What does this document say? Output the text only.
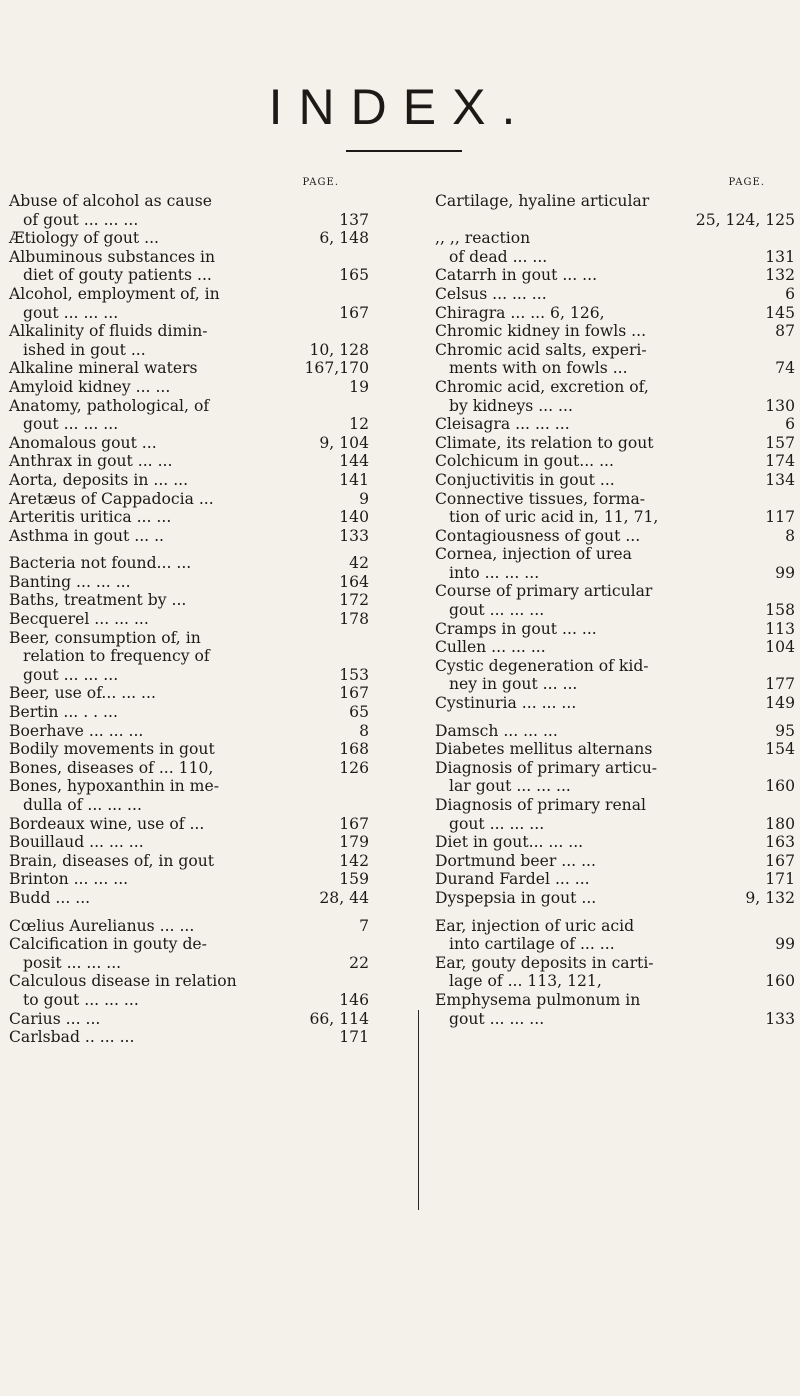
INDEX.
PAGE.
Abuse of alcohol as cause
of gout ... ... ...	137
Ætiology of gout ...	6, 148
Albuminous substances in
diet of gouty patients ...	165
Alcohol, employment of, in
gout ... ... ...	167
Alkalinity of fluids dimin-
ished in gout ...	10, 128
Alkaline mineral waters	167,170
Amyloid kidney ... ...	19
Anatomy, pathological, of
gout ... ... ...	12
Anomalous gout ...	9, 104
Anthrax in gout ... ...	144
Aorta, deposits in ... ...	141
Aretæus of Cappadocia ...	9
Arteritis uritica ... ...	140
Asthma in gout ... ..	133
Bacteria not found... ...	42
Banting ... ... ...	164
Baths, treatment by ...	172
Becquerel ... ... ...	178
Beer, consumption of, in
relation to frequency of
gout ... ... ...	153
Beer, use of... ... ...	167
Bertin ... . . ...	65
Boerhave ... ... ...	8
Bodily movements in gout	168
Bones, diseases of ... 110,	126
Bones, hypoxanthin in me-
dulla of ... ... ...
Bordeaux wine, use of ...	167
Bouillaud ... ... ...	179
Brain, diseases of, in gout	142
Brinton ... ... ...	159
Budd ... ...	28, 44
Cœlius Aurelianus ... ...	7
Calcification in gouty de-
posit ... ... ...	22
Calculous disease in relation
to gout ... ... ...	146
Carius ... ...	66, 114
Carlsbad .. ... ...	171
PAGE.
Cartilage, hyaline articular
25, 124, 125
,, ,, reaction
of dead ... ...	131
Catarrh in gout ... ...	132
Celsus ... ... ...	6
Chiragra ... ... 6, 126,	145
Chromic kidney in fowls ...	87
Chromic acid salts, experi-
ments with on fowls ...	74
Chromic acid, excretion of,
by kidneys ... ...	130
Cleisagra ... ... ...	6
Climate, its relation to gout	157
Colchicum in gout... ...	174
Conjuctivitis in gout ...	134
Connective tissues, forma-
tion of uric acid in, 11, 71,	117
Contagiousness of gout ...	8
Cornea, injection of urea
into ... ... ...	99
Course of primary articular
gout ... ... ...	158
Cramps in gout ... ...	113
Cullen ... ... ...	104
Cystic degeneration of kid-
ney in gout ... ...	177
Cystinuria ... ... ...	149
Damsch ... ... ...	95
Diabetes mellitus alternans	154
Diagnosis of primary articu-
lar gout ... ... ...	160
Diagnosis of primary renal
gout ... ... ...	180
Diet in gout... ... ...	163
Dortmund beer ... ...	167
Durand Fardel ... ...	171
Dyspepsia in gout ...	9, 132
Ear, injection of uric acid
into cartilage of ... ...	99
Ear, gouty deposits in carti-
lage of ... 113, 121,	160
Emphysema pulmonum in
gout ... ... ...	133
